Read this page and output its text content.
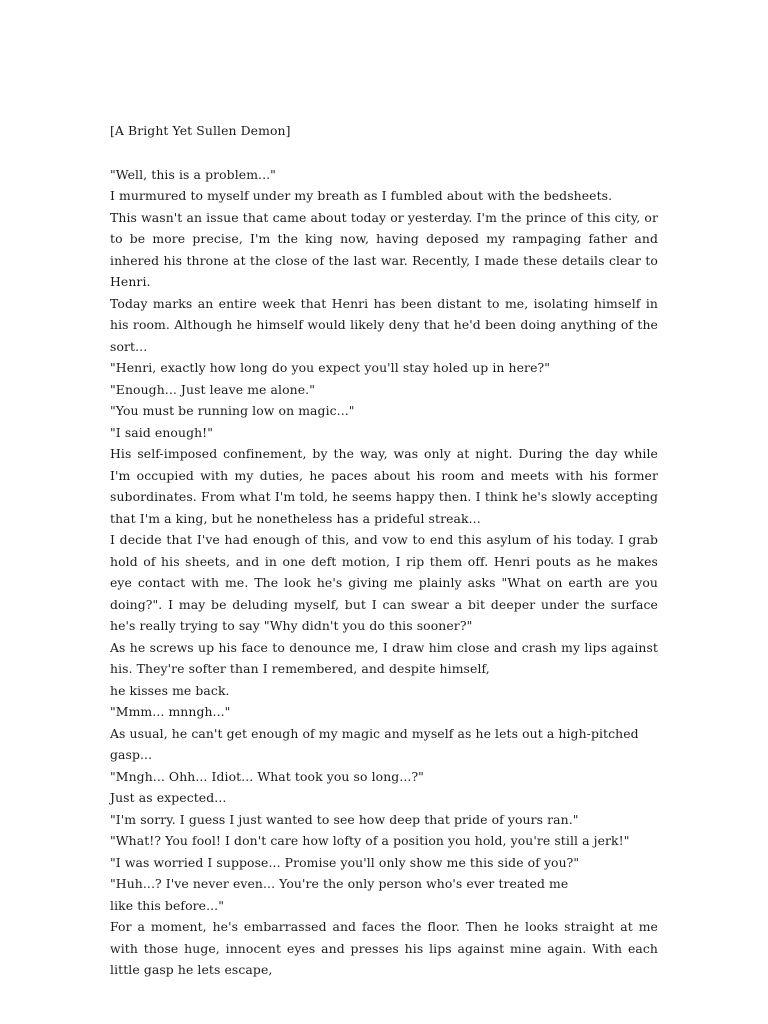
[A Bright Yet Sullen Demon]

"Well, this is a problem..."

I murmured to myself under my breath as I fumbled about with the bedsheets.

This wasn't an issue that came about today or yesterday. I'm the prince of this city, or to be more precise, I'm the king now, having deposed my rampaging father and inhered his throne at the close of the last war. Recently, I made these details clear to Henri.

Today marks an entire week that Henri has been distant to me, isolating himself in his room. Although he himself would likely deny that he'd been doing anything of the sort...

"Henri, exactly how long do you expect you'll stay holed up in here?"

"Enough... Just leave me alone."

"You must be running low on magic..."

"I said enough!"

His self-imposed confinement, by the way, was only at night. During the day while I'm occupied with my duties, he paces about his room and meets with his former subordinates. From what I'm told, he seems happy then. I think he's slowly accepting that I'm a king, but he nonetheless has a prideful streak...

I decide that I've had enough of this, and vow to end this asylum of his today. I grab hold of his sheets, and in one deft motion, I rip them off. Henri pouts as he makes eye contact with me. The look he's giving me plainly asks "What on earth are you doing?". I may be deluding myself, but I can swear a bit deeper under the surface he's really trying to say "Why didn't you do this sooner?"

As he screws up his face to denounce me, I draw him close and crash my lips against his. They're softer than I remembered, and despite himself,

he kisses me back.

"Mmm... mnngh..."

As usual, he can't get enough of my magic and myself as he lets out a high-pitched gasp...

"Mngh... Ohh... Idiot... What took you so long...?"

Just as expected...

"I'm sorry. I guess I just wanted to see how deep that pride of yours ran."

"What!? You fool! I don't care how lofty of a position you hold, you're still a jerk!"

"I was worried I suppose... Promise you'll only show me this side of you?"

"Huh...? I've never even... You're the only person who's ever treated me

like this before..."

For a moment, he's embarrassed and faces the floor. Then he looks straight at me with those huge, innocent eyes and presses his lips against mine again. With each little gasp he lets escape,
